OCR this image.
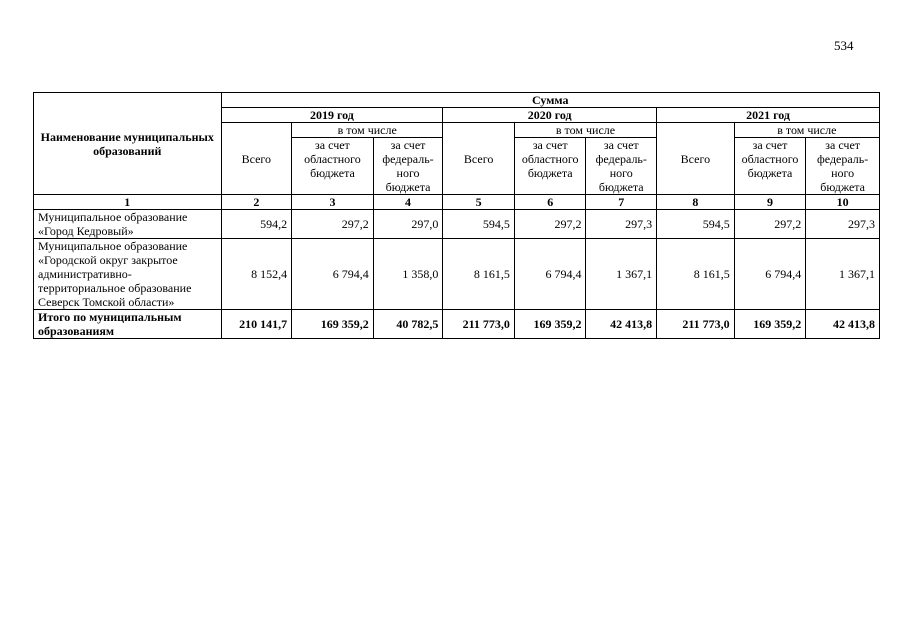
534
Наименование муниципальных образований	Сумма								
	2019 год			2020 год			2021 год		
	Всего	в том числе		Всего	в том числе		Всего	в том числе	
		за счет областного бюджета	за счет федераль-ного бюджета		за счет областного бюджета	за счет федераль-ного бюджета		за счет областного бюджета	за счет федераль-ного бюджета
1	2	3	4	5	6	7	8	9	10
Муниципальное образование «Город Кедровый»	594,2	297,2	297,0	594,5	297,2	297,3	594,5	297,2	297,3
Муниципальное образование «Городской округ закрытое административно-территориальное образование Северск Томской области»	8 152,4	6 794,4	1 358,0	8 161,5	6 794,4	1 367,1	8 161,5	6 794,4	1 367,1
Итого по муниципальным образованиям	210 141,7	169 359,2	40 782,5	211 773,0	169 359,2	42 413,8	211 773,0	169 359,2	42 413,8
